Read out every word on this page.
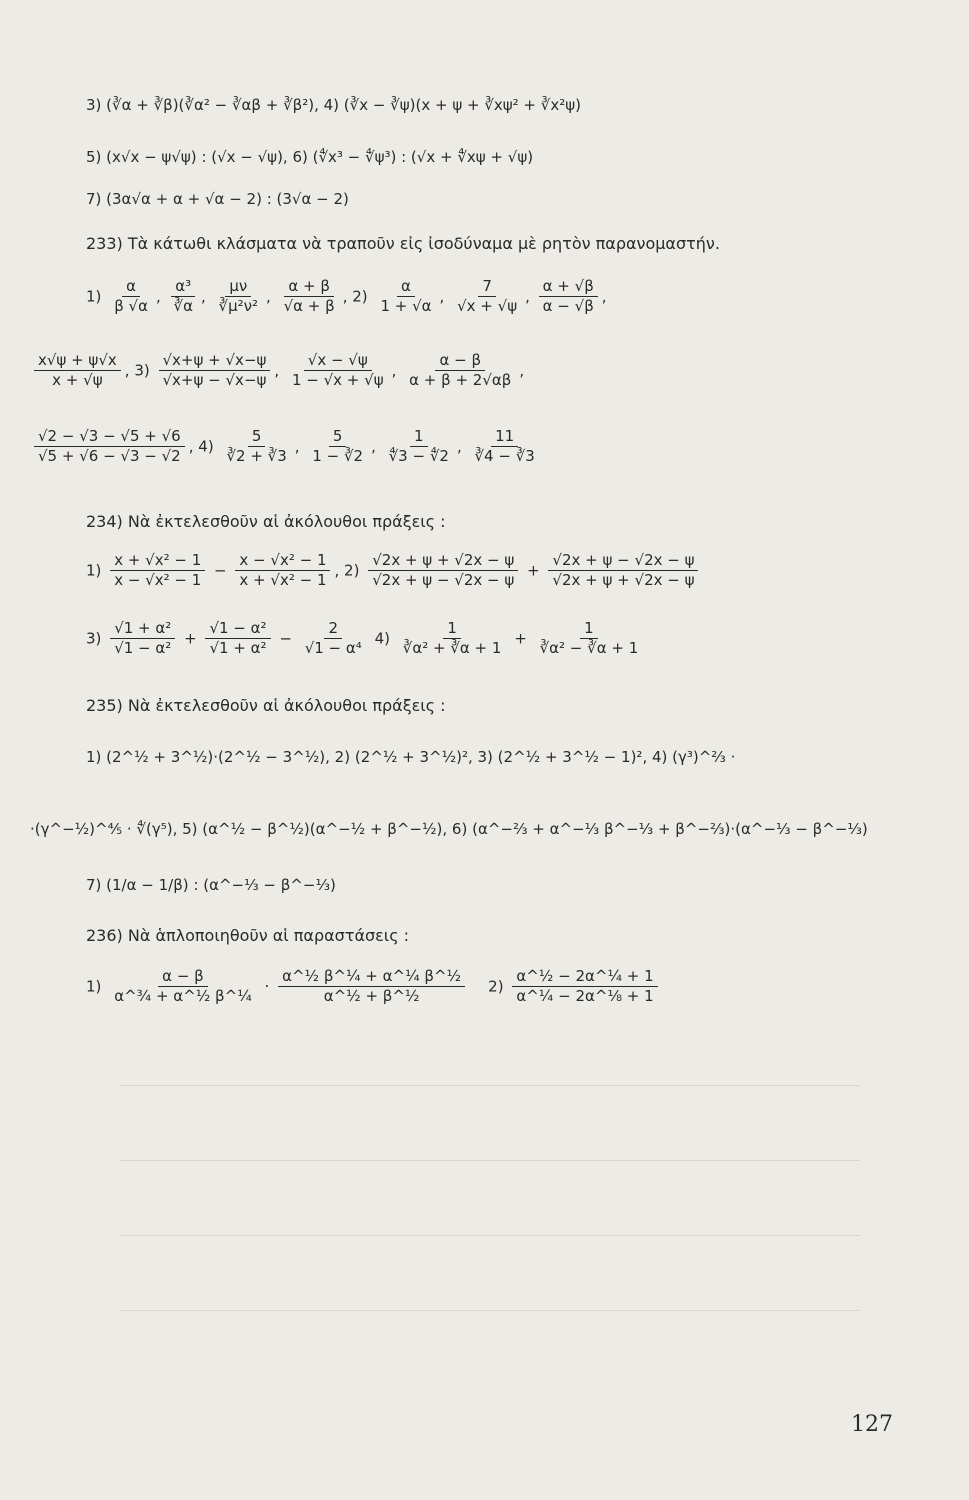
3) (∛α + ∛β)(∛α² − ∛αβ + ∛β²), 4) (∛x − ∛ψ)(x + ψ + ∛xψ² + ∛x²ψ)
5) (x√x − ψ√ψ) : (√x − √ψ), 6) (∜x³ − ∜ψ³) : (√x + ∜xψ + √ψ)
7) (3α√α + α + √α − 2) : (3√α − 2)
233) Τὰ κάτωθι κλάσματα νὰ τραποῦν εἰς ἰσοδύναμα μὲ ρητὸν παρανομαστήν.
$1) \frac{\alpha}{\beta √\alpha}$ , $\frac{\text{α³}}{∛\alpha}$ , $\frac{\mu\nu}{\text{∛μ²ν²}}$ , $\frac{\alpha + \beta}{√\alpha + \beta}$ , $2) \frac{\alpha}{1 + √\alpha}$ , $\frac{7}{√x + √\psi}$ , $\frac{\alpha + √\beta}{\alpha - √\beta}$ ,
$\frac{x√\psi + \psi√x}{x + √\psi}$ , $3) \frac{√x+\psi + √x-\psi}{√x+\psi - √x-\psi}$ , $\frac{√x - √\psi}{1 - √x + √\psi}$ , $\frac{\alpha - \beta}{\alpha + \beta + 2√\alpha\beta}$ ,
$\frac{√2 - √3 - √5 + √6}{√5 + √6 - √3 - √2}$ , $4) \frac{5}{∛2 + ∛3}$ , $\frac{5}{1 - ∛2}$ , $\frac{1}{∜3 - ∜2}$ , $\frac{11}{∛4 - ∛3}$
234) Νὰ ἐκτελεσθοῦν αἱ ἀκόλουθοι πράξεις :
$1) \frac{\text{x + √x² − 1}}{\text{x − √x² − 1}} - \frac{\text{x − √x² − 1}}{\text{x + √x² − 1}}$ , $2) \frac{√2x + \psi + √2x - \psi}{√2x + \psi - √2x - \psi} + \frac{√2x + \psi - √2x - \psi}{√2x + \psi + √2x - \psi}$
$3) \frac{\text{√1 + α²}}{\text{√1 − α²}} + \frac{\text{√1 − α²}}{\text{√1 + α²}} - \frac{2}{\text{√1 − α⁴}} 4) \frac{1}{\text{∛α² + ∛α + 1}} + \frac{1}{\text{∛α² − ∛α + 1}}$
235) Νὰ ἐκτελεσθοῦν αἱ ἀκόλουθοι πράξεις :
1) (2^½ + 3^½)·(2^½ − 3^½), 2) (2^½ + 3^½)², 3) (2^½ + 3^½ − 1)², 4) (γ³)^⅔ ·
·(γ^−½)^⅘ · ∜(γ⁵), 5) (α^½ − β^½)(α^−½ + β^−½), 6) (α^−⅔ + α^−⅓ β^−⅓ + β^−⅔)·(α^−⅓ − β^−⅓)
7) (1/α − 1/β) : (α^−⅓ − β^−⅓)
236) Νὰ ἁπλοποιηθοῦν αἱ παραστάσεις :
$1) \frac{\alpha - \beta}{\text{α\textasciicircum{}¾ + α\textasciicircum{}½ β\textasciicircum{}¼}} \cdot \frac{\text{α\textasciicircum{}½ β\textasciicircum{}¼ + α\textasciicircum{}¼ β\textasciicircum{}½}}{\text{α\textasciicircum{}½ + β\textasciicircum{}½}} 2) \frac{\text{α\textasciicircum{}½ − 2α\textasciicircum{}¼ + 1}}{\text{α\textasciicircum{}¼ − 2α\textasciicircum{}⅛ + 1}}$
127
